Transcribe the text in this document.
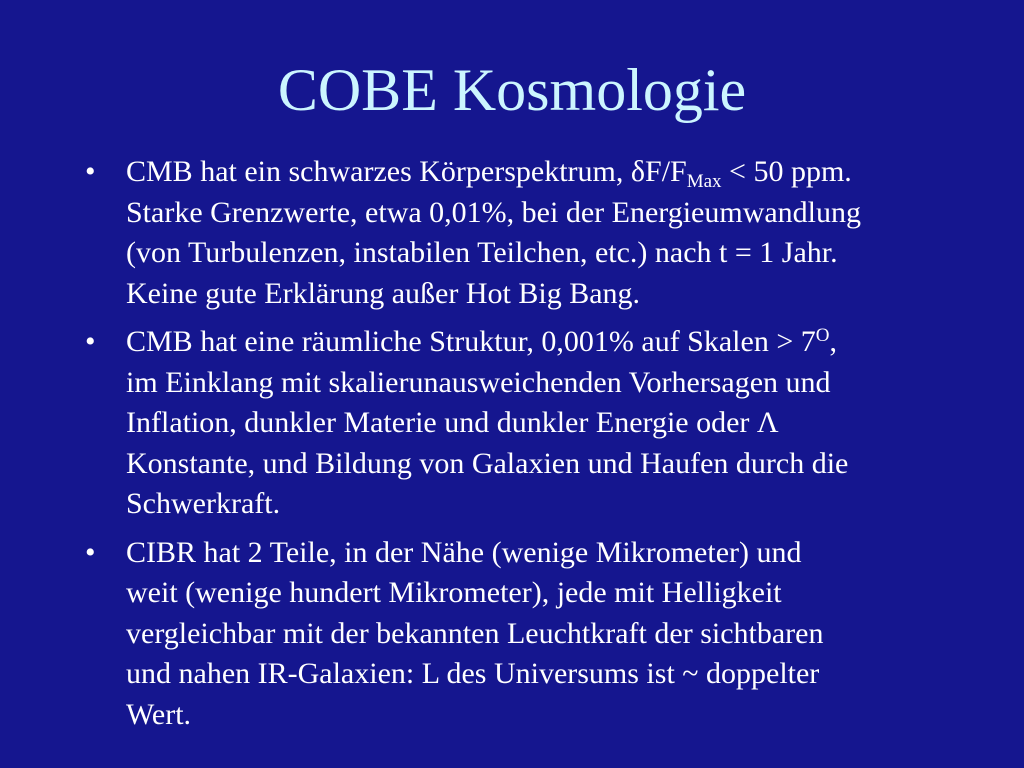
COBE Kosmologie
• CMB hat ein schwarzes Körperspektrum, $\delta F/F_{Max} < 50$ ppm.
Starke Grenzwerte, etwa 0,01%, bei der Energieumwandlung
(von Turbulenzen, instabilen Teilchen, etc.) nach t = 1 Jahr.
Keine gute Erklärung außer Hot Big Bang.
• CMB hat eine räumliche Struktur, 0,001% auf Skalen > $7^O$,
im Einklang mit skalierunausweichenden Vorhersagen und
Inflation, dunkler Materie und dunkler Energie oder Λ
Konstante, und Bildung von Galaxien und Haufen durch die
Schwerkraft.
• CIBR hat 2 Teile, in der Nähe (wenige Mikrometer) und
weit (wenige hundert Mikrometer), jede mit Helligkeit
vergleichbar mit der bekannten Leuchtkraft der sichtbaren
und nahen IR-Galaxien: L des Universums ist ~ doppelter
Wert.
